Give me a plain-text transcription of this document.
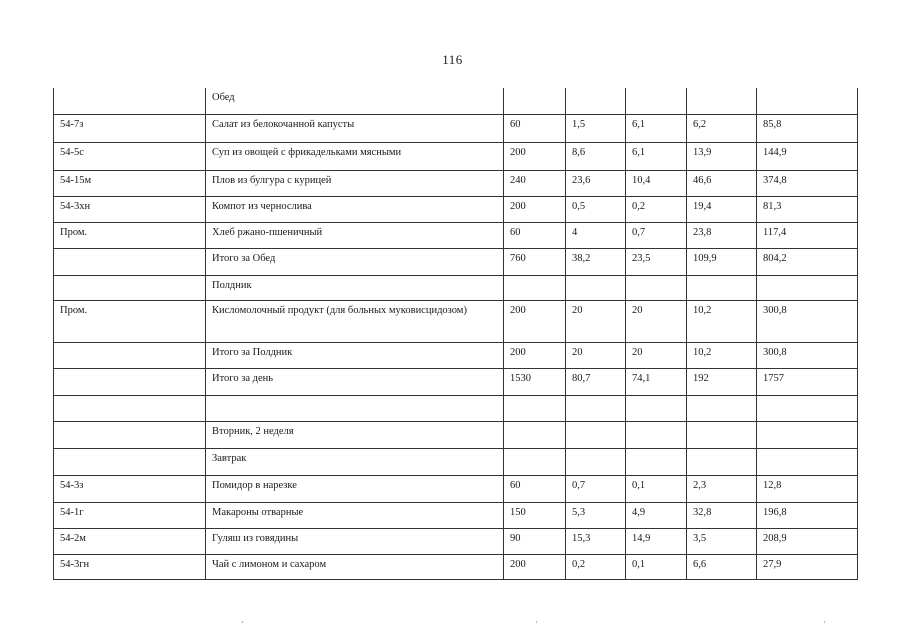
116
	Обед					
54-7з	Салат из белокочанной капусты	60	1,5	6,1	6,2	85,8
54-5с	Суп из овощей с фрикадельками мясными	200	8,6	6,1	13,9	144,9
54-15м	Плов из булгура с курицей	240	23,6	10,4	46,6	374,8
54-3хн	Компот из чернослива	200	0,5	0,2	19,4	81,3
Пром.	Хлеб ржано-пшеничный	60	4	0,7	23,8	117,4
	Итого за Обед	760	38,2	23,5	109,9	804,2
	Полдник					
Пром.	Кисломолочный продукт (для больных муковисцидозом)	200	20	20	10,2	300,8
	Итого за Полдник	200	20	20	10,2	300,8
	Итого за день	1530	80,7	74,1	192	1757

	Вторник, 2 неделя					
	Завтрак					
54-3з	Помидор в нарезке	60	0,7	0,1	2,3	12,8
54-1г	Макароны отварные	150	5,3	4,9	32,8	196,8
54-2м	Гуляш из говядины	90	15,3	14,9	3,5	208,9
54-3гн	Чай с лимоном и сахаром	200	0,2	0,1	6,6	27,9
ˊ	ˊ	ˊ
